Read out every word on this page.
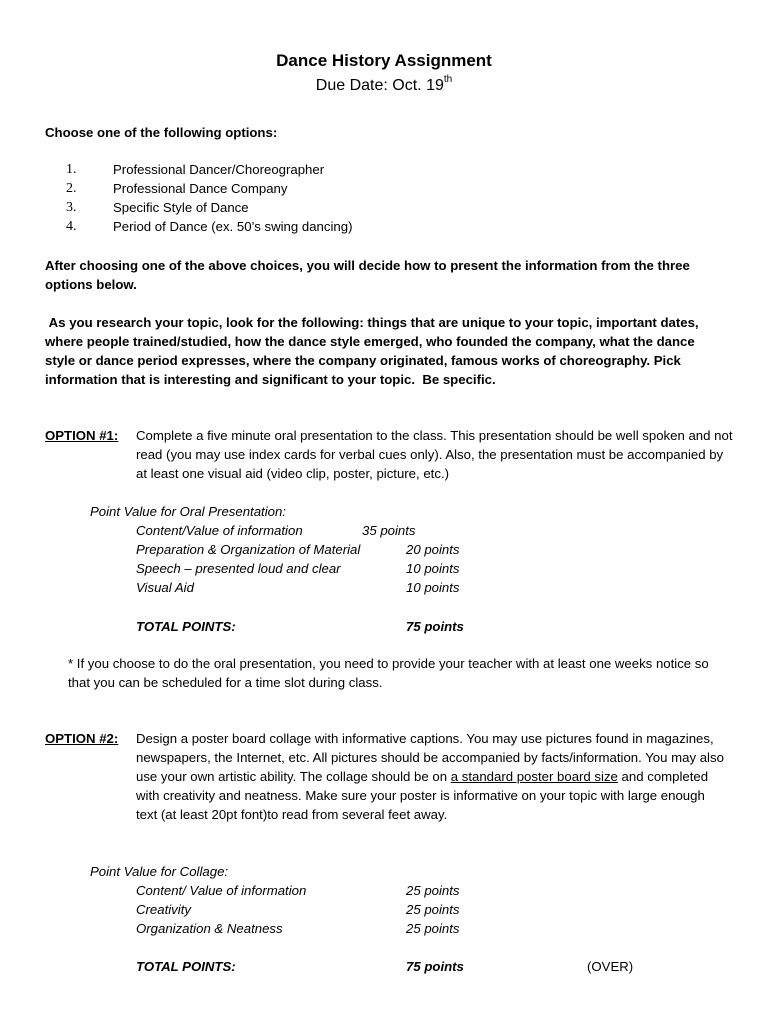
Dance History Assignment
Due Date: Oct. 19th
Choose one of the following options:
1.	Professional Dancer/Choreographer
2.	Professional Dance Company
3.	Specific Style of Dance
4.	Period of Dance (ex. 50’s swing dancing)
After choosing one of the above choices, you will decide how to present the information from the three options below.
As you research your topic, look for the following: things that are unique to your topic, important dates, where people trained/studied, how the dance style emerged, who founded the company, what the dance style or dance period expresses, where the company originated, famous works of choreography. Pick information that is interesting and significant to your topic.  Be specific.
OPTION #1: Complete a five minute oral presentation to the class. This presentation should be well spoken and not read (you may use index cards for verbal cues only). Also, the presentation must be accompanied by at least one visual aid (video clip, poster, picture, etc.)
Point Value for Oral Presentation:
Content/Value of information	35 points
Preparation & Organization of Material	20 points
Speech – presented loud and clear	10 points
Visual Aid	10 points
TOTAL POINTS:	75 points
* If you choose to do the oral presentation, you need to provide your teacher with at least one weeks notice so that you can be scheduled for a time slot during class.
OPTION #2: Design a poster board collage with informative captions. You may use pictures found in magazines, newspapers, the Internet, etc. All pictures should be accompanied by facts/information. You may also use your own artistic ability. The collage should be on a standard poster board size and completed with creativity and neatness. Make sure your poster is informative on your topic with large enough text (at least 20pt font)to read from several feet away.
Point Value for Collage:
Content/ Value of information	25 points
Creativity	25 points
Organization & Neatness	25 points
TOTAL POINTS:	75 points	(OVER)
